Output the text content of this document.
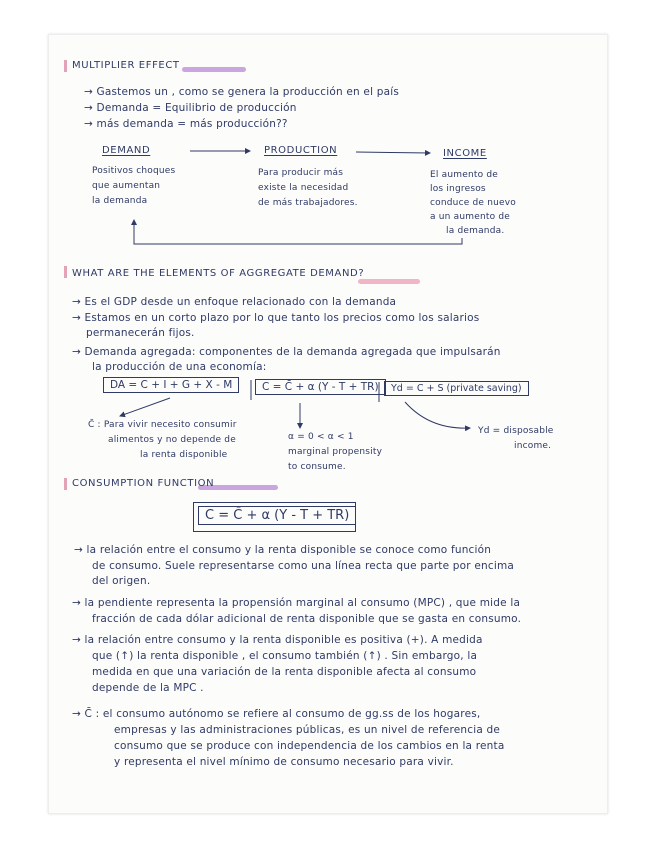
MULTIPLIER EFFECT
→ Gastemos un , como se genera la producción en el país
→ Demanda = Equilibrio de producción
→ más demanda = más producción??
DEMAND	PRODUCTION	INCOME
Positivos choques
que aumentan
la demanda
Para producir más
existe la necesidad
de más trabajadores.
El aumento de
los ingresos
conduce de nuevo
a un aumento de
la demanda.
WHAT ARE THE ELEMENTS OF AGGREGATE DEMAND?
→ Es el GDP desde un enfoque relacionado con la demanda
→ Estamos en un corto plazo por lo que tanto los precios como los salarios
permanecerán fijos.
→ Demanda agregada: componentes de la demanda agregada que impulsarán
la producción de una economía:
DA = C + I + G + X - M	C = C̄ + α (Y - T + TR)	Yd = C + S (private saving)
C̄ : Para vivir necesito consumir
alimentos y no depende de
la renta disponible
α = 0 < α < 1
marginal propensity
to consume.
Yd = disposable
income.
CONSUMPTION FUNCTION
C = C̄ + α (Y - T + TR)
→ la relación entre el consumo y la renta disponible se conoce como función
de consumo. Suele representarse como una línea recta que parte por encima
del origen.
→ la pendiente representa la propensión marginal al consumo (MPC) , que mide la
fracción de cada dólar adicional de renta disponible que se gasta en consumo.
→ la relación entre consumo y la renta disponible es positiva (+). A medida
que (↑) la renta disponible , el consumo también (↑) . Sin embargo, la
medida en que una variación de la renta disponible afecta al consumo
depende de la MPC .
→ C̄ : el consumo autónomo se refiere al consumo de gg.ss de los hogares,
empresas y las administraciones públicas, es un nivel de referencia de
consumo que se produce con independencia de los cambios en la renta
y representa el nivel mínimo de consumo necesario para vivir.
